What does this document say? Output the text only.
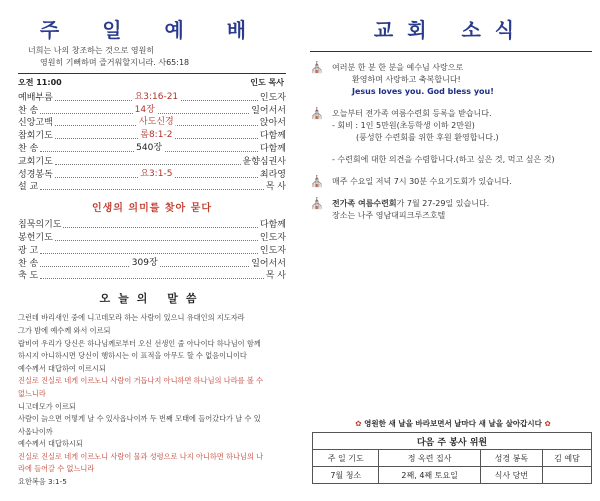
주 일 예 배
너희는 나의 창조하는 것으로 영원히
영원히 기뻐하며 즐거워할지니라. 사65:18
오전 11:00	인도 목사
예배부름	요3:16-21	인도자
찬 송	14장	일어서서
신앙고백	사도신경	앉아서
참회기도	롬8:1-2	다함께
찬 송	540장	다함께
교회기도	윤향심권사
성경봉독	요3:1-5	최라영
설 교	목 사
인생의 의미를 찾아 묻다
침묵의기도	다함께
봉헌기도	인도자
광 고	인도자
찬 송	309장	일어서서
축 도	목 사
오늘의 말씀
그런데 바리새인 중에 니고데모라 하는 사람이 있으니 유대인의 지도자라
그가 밤에 예수께 와서 이르되
랍비여 우리가 당신은 하나님께로부터 오신 선생인 줄 아나이다 하나님이 함께
하시지 아니하시면 당신이 행하시는 이 표적을 아무도 할 수 없음이니이다
예수께서 대답하여 이르시되
진실로 진실로 네게 이르노니 사람이 거듭나지 아니하면 하나님의 나라를 볼 수
없느니라
니고데모가 이르되
사람이 늙으면 어떻게 날 수 있사옵나이까 두 번째 모태에 들어갔다가 날 수 있
사옵나이까
예수께서 대답하시되
진실로 진실로 네게 이르노니 사람이 물과 성령으로 나지 아니하면 하나님의 나
라에 들어갈 수 없느니라
요한복음 3:1-5
교회 소식
⛪	여러분 한 분 한 분을 예수님 사랑으로
환영하며 사랑하고 축복합니다!
Jesus loves you. God bless you!
⛪	오늘부터 전가족 여름수련회 등록을 받습니다.
- 회비 : 1인 5만원(초등학생 이하 2만원)
(풍성한 수련회를 위한 후원 환영합니다.)
- 수련회에 대한 의견을 수렴합니다.(하고 싶은 것, 먹고 싶은 것)
⛪	매주 수요일 저녁 7시 30분 수요기도회가 있습니다.
⛪	전가족 여름수련회가 7월 27-29일 있습니다.
장소는 나주 영남대피크루즈호텔
✿ 영원한 새 날을 바라보면서 날마다 새 날을 살아갑시다 ✿
다음 주 봉사 위원			
주 일 기도	정 옥련 집사	성경 봉독	김 예담
7월 청소	2째, 4째 토요일	식사 당번	
